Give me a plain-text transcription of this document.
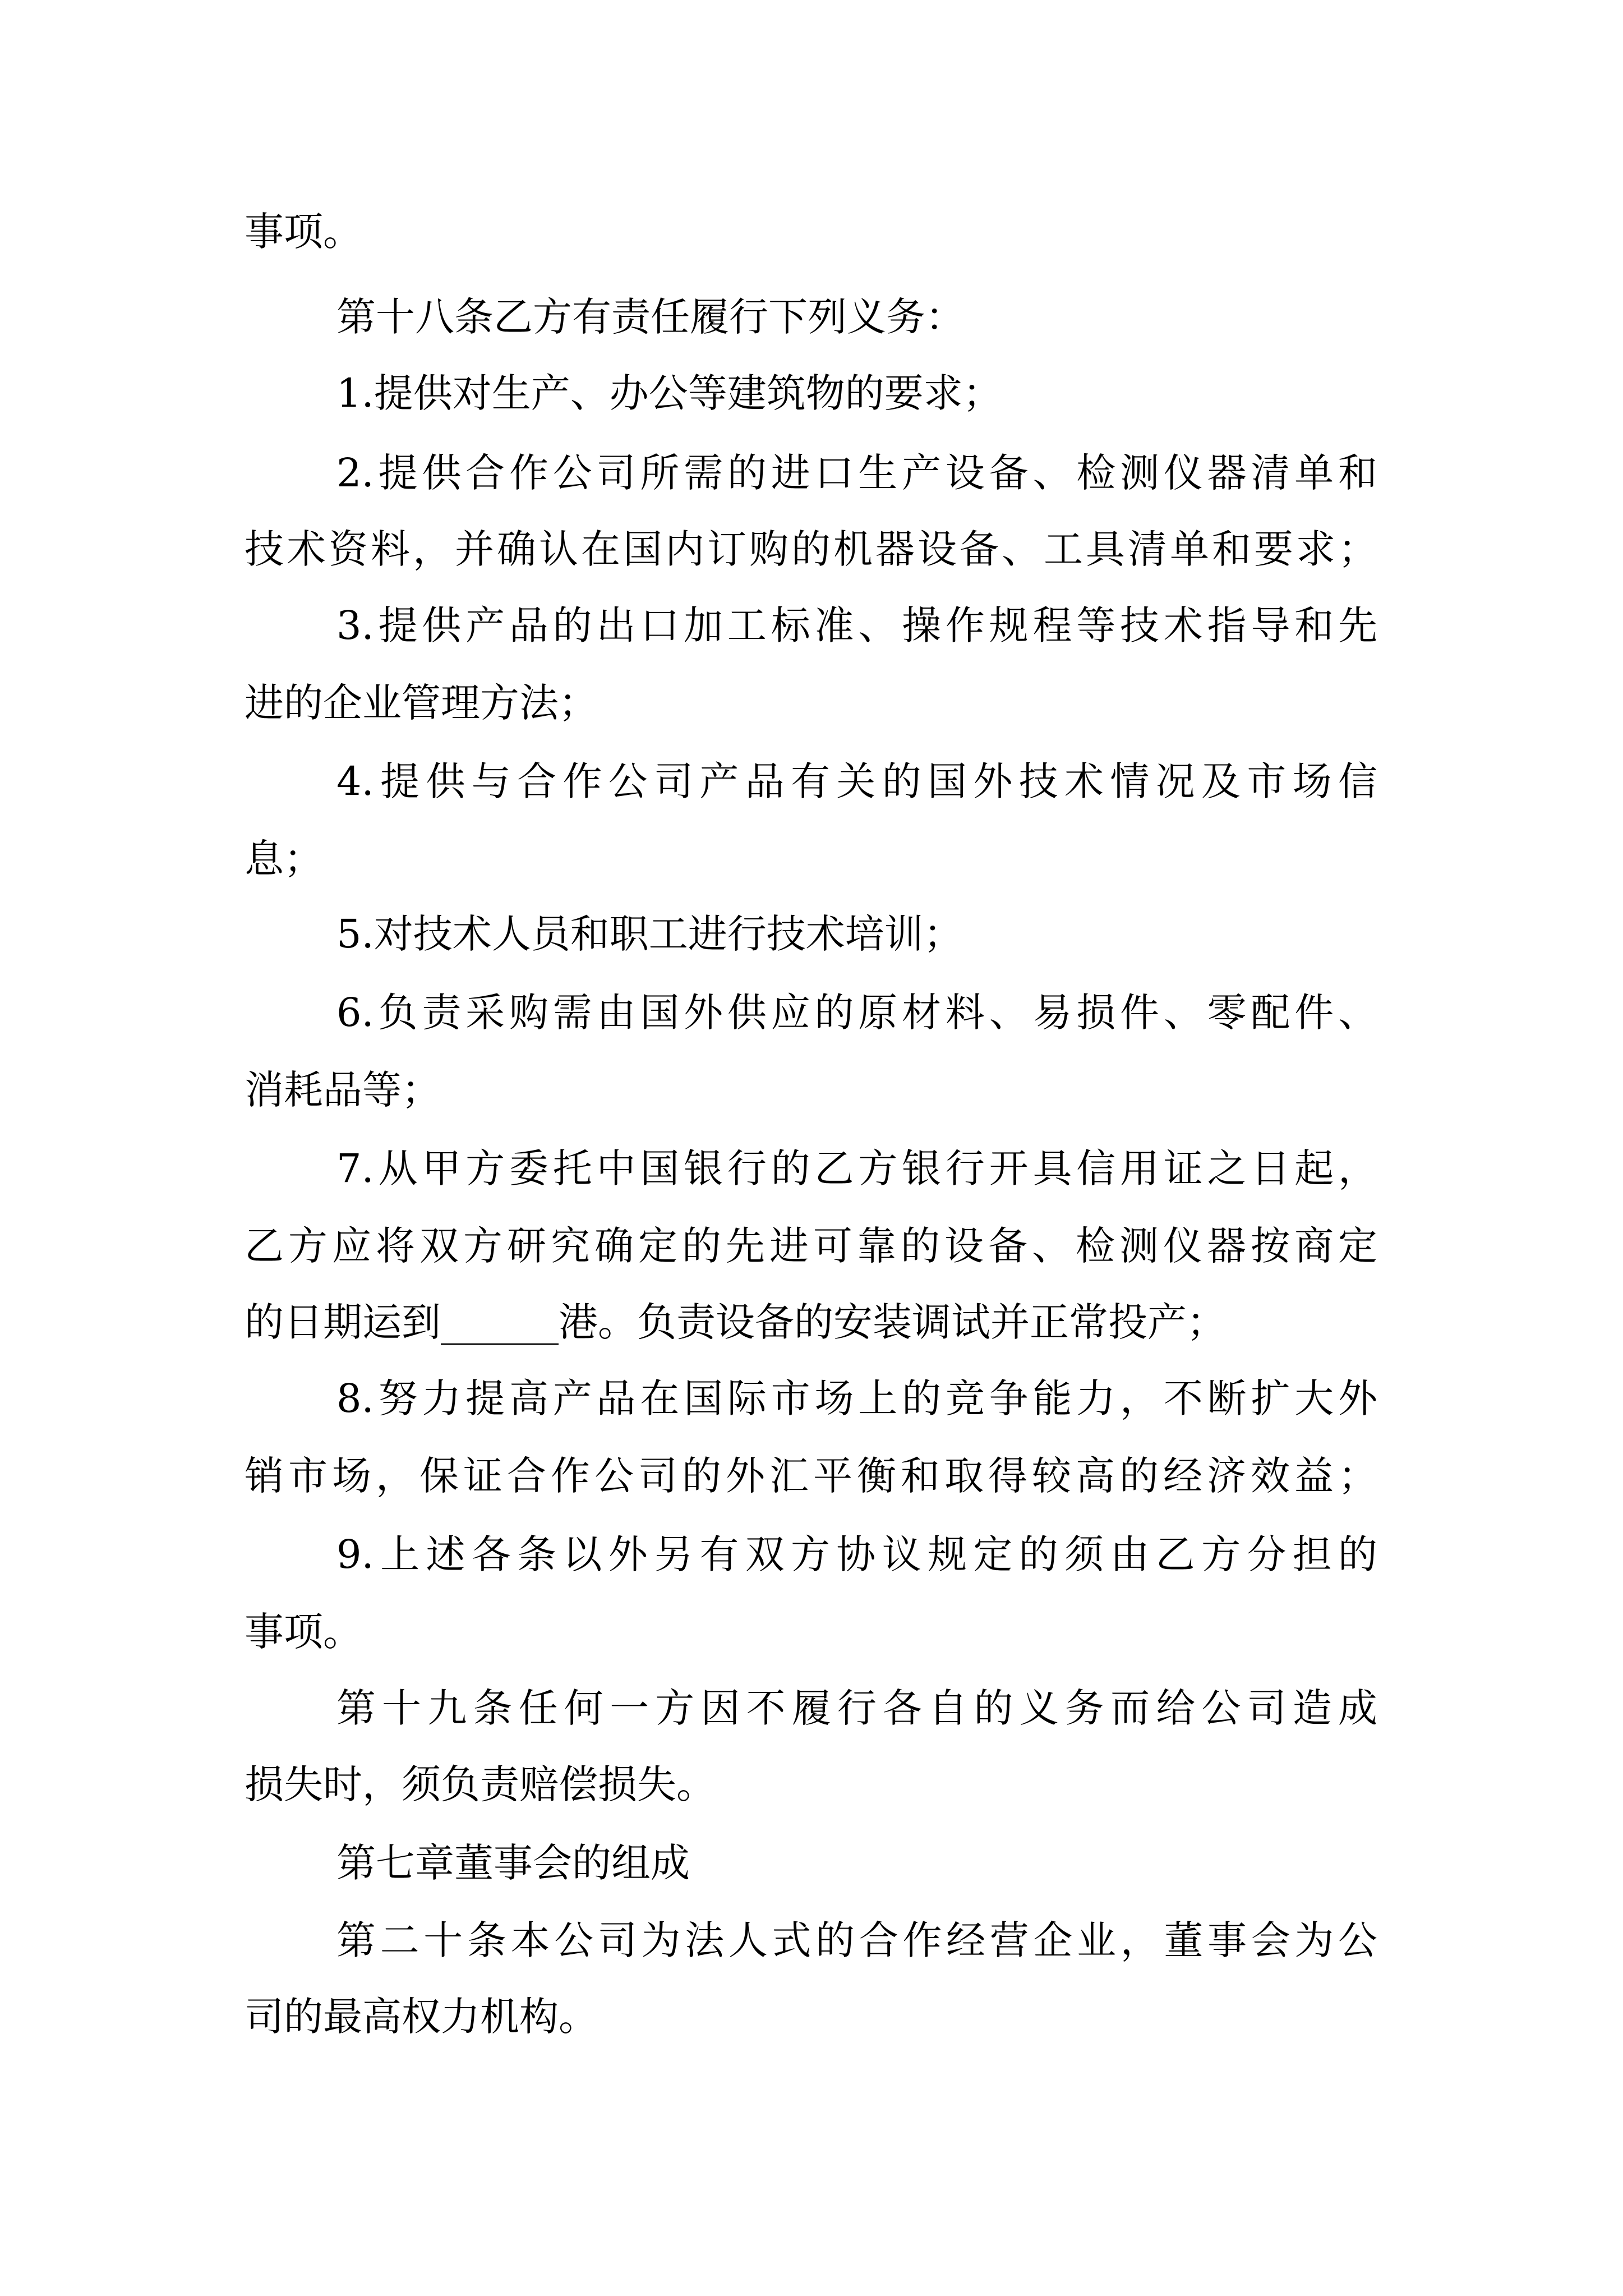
事项。
第十八条乙方有责任履行下列义务：
1.提供对生产、办公等建筑物的要求；
2.提供合作公司所需的进口生产设备、检测仪器清单和
技术资料，并确认在国内订购的机器设备、工具清单和要求；
3.提供产品的出口加工标准、操作规程等技术指导和先
进的企业管理方法；
4.提供与合作公司产品有关的国外技术情况及市场信
息；
5.对技术人员和职工进行技术培训；
6.负责采购需由国外供应的原材料、易损件、零配件、
消耗品等；
7.从甲方委托中国银行的乙方银行开具信用证之日起，
乙方应将双方研究确定的先进可靠的设备、检测仪器按商定
的日期运到______港。负责设备的安装调试并正常投产；
8.努力提高产品在国际市场上的竞争能力，不断扩大外
销市场，保证合作公司的外汇平衡和取得较高的经济效益；
9.上述各条以外另有双方协议规定的须由乙方分担的
事项。
第十九条任何一方因不履行各自的义务而给公司造成
损失时，须负责赔偿损失。
第七章董事会的组成
第二十条本公司为法人式的合作经营企业，董事会为公
司的最高权力机构。
